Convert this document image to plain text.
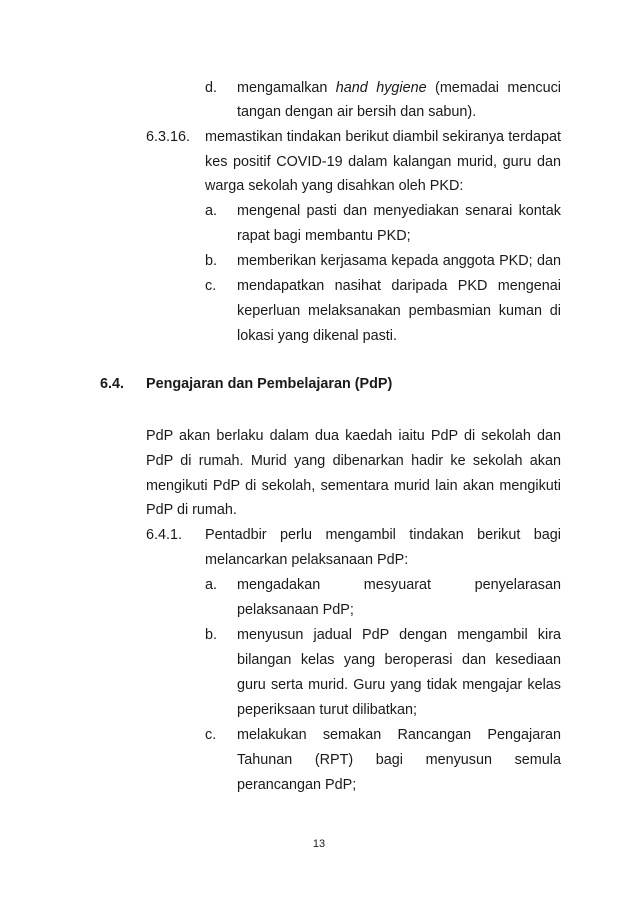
d. mengamalkan hand hygiene (memadai mencuci
tangan dengan air bersih dan sabun).
6.3.16. memastikan tindakan berikut diambil sekiranya terdapat
kes positif COVID-19 dalam kalangan murid, guru dan
warga sekolah yang disahkan oleh PKD:
a. mengenal pasti dan menyediakan senarai kontak
rapat bagi membantu PKD;
b. memberikan kerjasama kepada anggota PKD; dan
c. mendapatkan nasihat daripada PKD mengenai
keperluan melaksanakan pembasmian kuman di
lokasi yang dikenal pasti.
6.4. Pengajaran dan Pembelajaran (PdP)
PdP akan berlaku dalam dua kaedah iaitu PdP di sekolah dan
PdP di rumah. Murid yang dibenarkan hadir ke sekolah akan
mengikuti PdP di sekolah, sementara murid lain akan mengikuti
PdP di rumah.
6.4.1. Pentadbir perlu mengambil tindakan berikut bagi
melancarkan pelaksanaan PdP:
a. mengadakan mesyuarat penyelarasan
pelaksanaan PdP;
b. menyusun jadual PdP dengan mengambil kira
bilangan kelas yang beroperasi dan kesediaan
guru serta murid. Guru yang tidak mengajar kelas
peperiksaan turut dilibatkan;
c. melakukan semakan Rancangan Pengajaran
Tahunan (RPT) bagi menyusun semula
perancangan PdP;
13
